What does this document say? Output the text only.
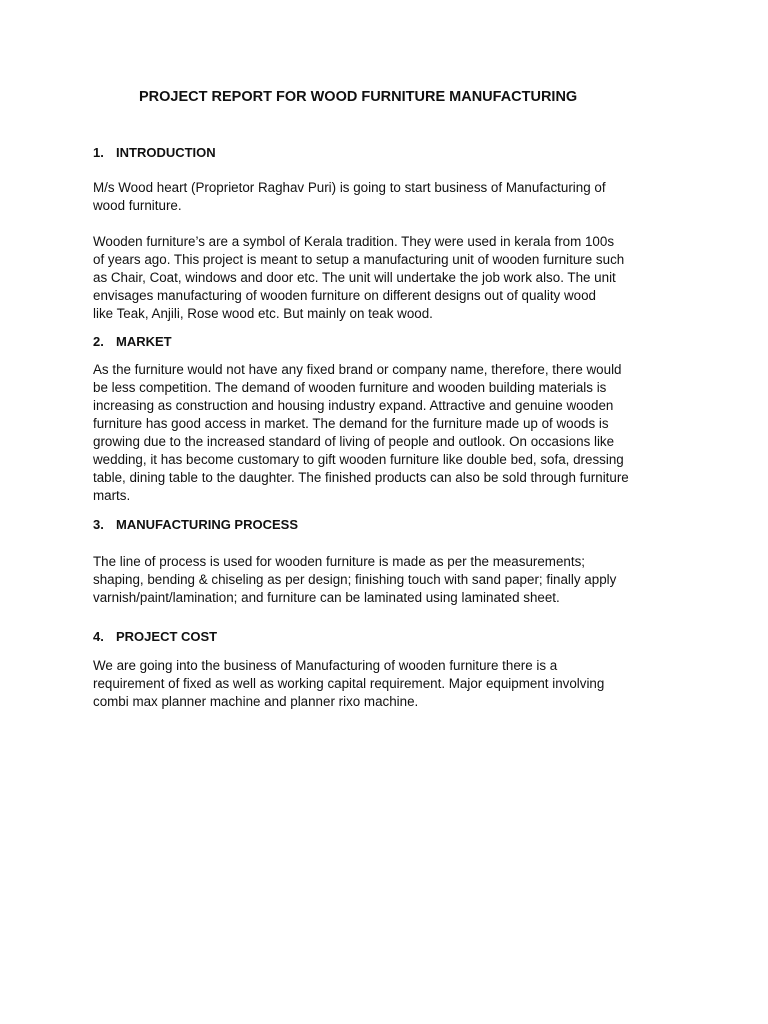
PROJECT REPORT FOR WOOD FURNITURE MANUFACTURING
1. INTRODUCTION
M/s Wood heart (Proprietor Raghav Puri) is going to start business of Manufacturing of
wood furniture.
Wooden furniture’s are a symbol of Kerala tradition. They were used in kerala from 100s
of years ago. This project is meant to setup a manufacturing unit of wooden furniture such
as Chair, Coat, windows and door etc. The unit will undertake the job work also. The unit
envisages manufacturing of wooden furniture on different designs out of quality wood
like Teak, Anjili, Rose wood etc. But mainly on teak wood.
2. MARKET
As the furniture would not have any fixed brand or company name, therefore, there would
be less competition. The demand of wooden furniture and wooden building materials is
increasing as construction and housing industry expand. Attractive and genuine wooden
furniture has good access in market. The demand for the furniture made up of woods is
growing due to the increased standard of living of people and outlook. On occasions like
wedding, it has become customary to gift wooden furniture like double bed, sofa, dressing
table, dining table to the daughter. The finished products can also be sold through furniture
marts.
3. MANUFACTURING PROCESS
The line of process is used for wooden furniture is made as per the measurements;
shaping, bending & chiseling as per design; finishing touch with sand paper; finally apply
varnish/paint/lamination; and furniture can be laminated using laminated sheet.
4. PROJECT COST
We are going into the business of Manufacturing of wooden furniture there is a
requirement of fixed as well as working capital requirement. Major equipment involving
combi max planner machine and planner rixo machine.
